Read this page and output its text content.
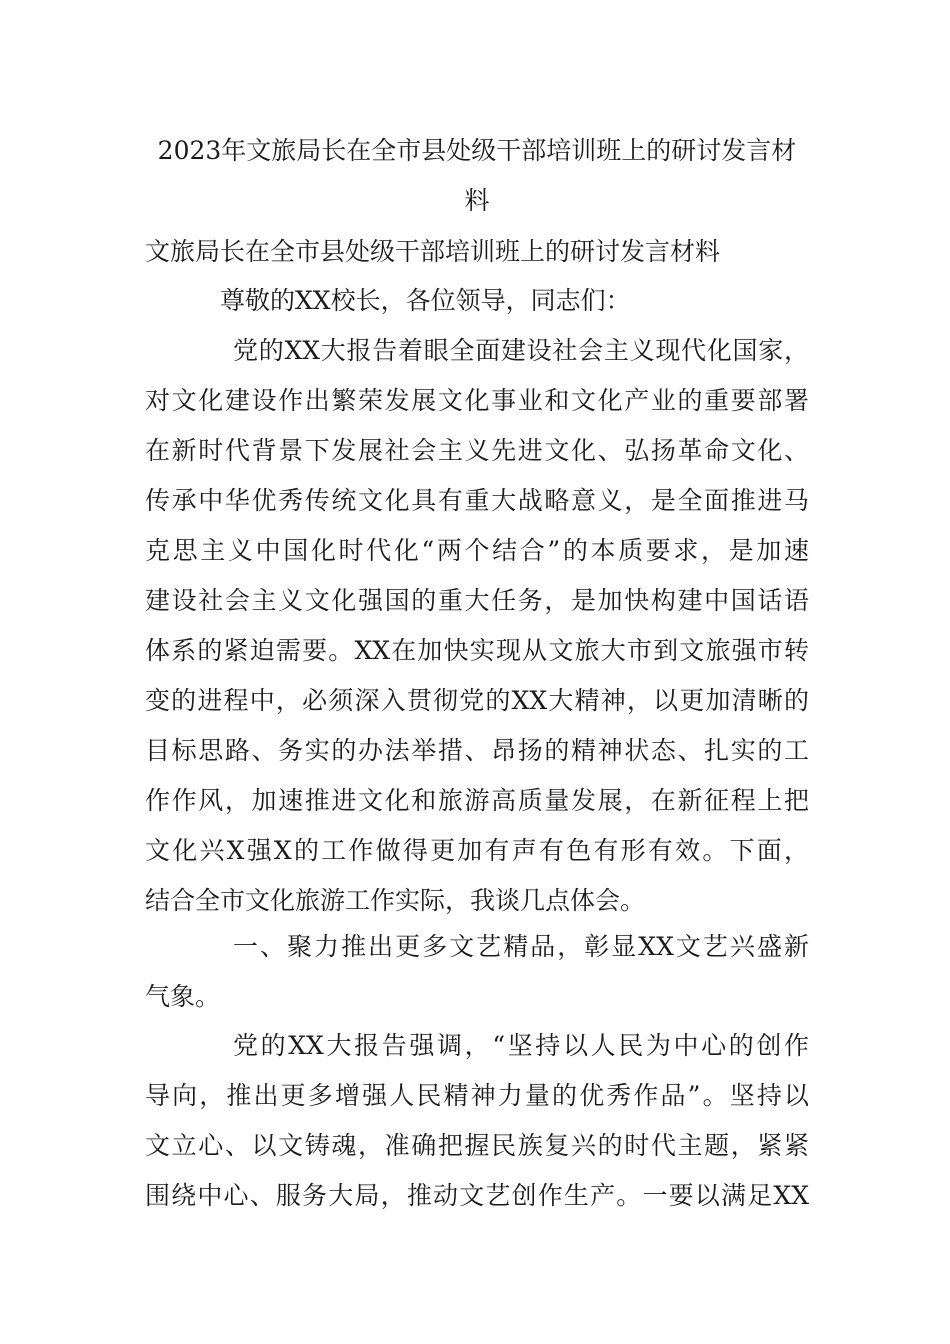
2023年文旅局长在全市县处级干部培训班上的研讨发言材
料

文旅局长在全市县处级干部培训班上的研讨发言材料

尊敬的XX校长，各位领导，同志们：

党的XX大报告着眼全面建设社会主义现代化国家，
对文化建设作出繁荣发展文化事业和文化产业的重要部署
在新时代背景下发展社会主义先进文化、弘扬革命文化、
传承中华优秀传统文化具有重大战略意义，是全面推进马
克思主义中国化时代化“两个结合”的本质要求，是加速
建设社会主义文化强国的重大任务，是加快构建中国话语
体系的紧迫需要。XX在加快实现从文旅大市到文旅强市转
变的进程中，必须深入贯彻党的XX大精神，以更加清晰的
目标思路、务实的办法举措、昂扬的精神状态、扎实的工
作作风，加速推进文化和旅游高质量发展，在新征程上把
文化兴X强X的工作做得更加有声有色有形有效。下面，
结合全市文化旅游工作实际，我谈几点体会。
一、聚力推出更多文艺精品，彰显XX文艺兴盛新
气象。
党的XX大报告强调，“坚持以人民为中心的创作
导向，推出更多增强人民精神力量的优秀作品”。坚持以
文立心、以文铸魂，准确把握民族复兴的时代主题，紧紧
围绕中心、服务大局，推动文艺创作生产。一要以满足XX
